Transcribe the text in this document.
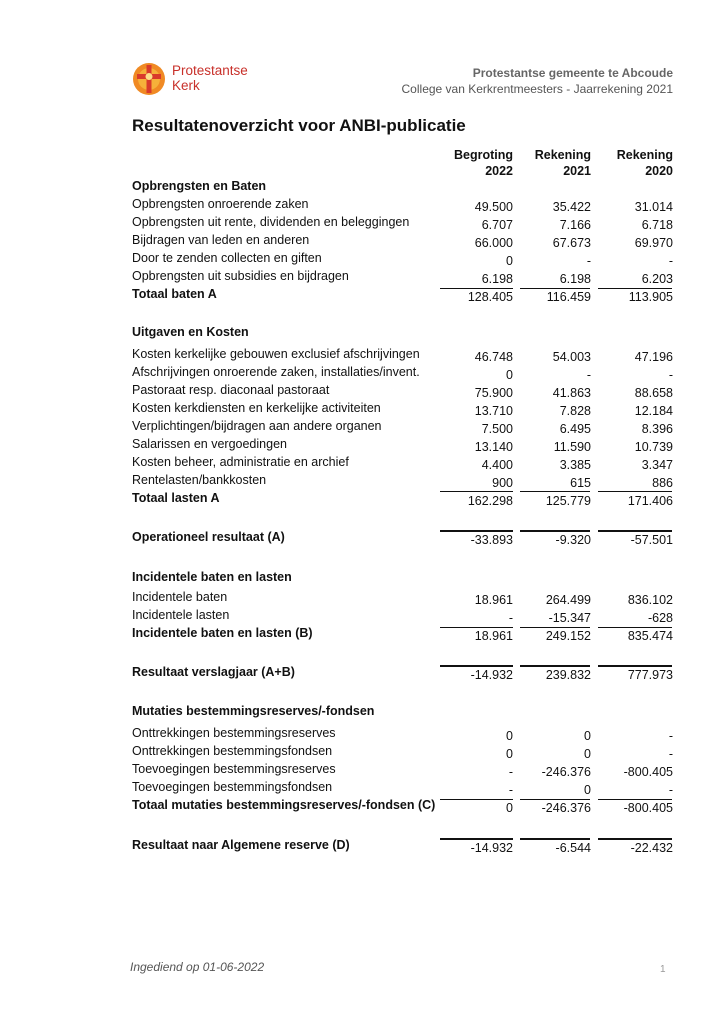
Protestantse
Kerk
Protestantse gemeente te Abcoude
College van Kerkrentmeesters - Jaarrekening 2021
Resultatenoverzicht voor ANBI-publicatie
Begroting
2022
Rekening
2021
Rekening
2020
Opbrengsten en Baten
Opbrengsten onroerende zaken	49.500	35.422	31.014
Opbrengsten uit rente, dividenden en beleggingen	6.707	7.166	6.718
Bijdragen van leden en anderen	66.000	67.673	69.970
Door te zenden collecten en giften	0	-	-
Opbrengsten uit subsidies en bijdragen	6.198	6.198	6.203
Totaal baten A	128.405	116.459	113.905
Uitgaven en Kosten
Kosten kerkelijke gebouwen exclusief afschrijvingen	46.748	54.003	47.196
Afschrijvingen onroerende zaken, installaties/invent.	0	-	-
Pastoraat resp. diaconaal pastoraat	75.900	41.863	88.658
Kosten kerkdiensten en kerkelijke activiteiten	13.710	7.828	12.184
Verplichtingen/bijdragen aan andere organen	7.500	6.495	8.396
Salarissen en vergoedingen	13.140	11.590	10.739
Kosten beheer, administratie en archief	4.400	3.385	3.347
Rentelasten/bankkosten	900	615	886
Totaal lasten A	162.298	125.779	171.406
Operationeel resultaat (A)	-33.893	-9.320	-57.501
Incidentele baten en lasten
Incidentele baten	18.961	264.499	836.102
Incidentele lasten	-	-15.347	-628
Incidentele baten en lasten (B)	18.961	249.152	835.474
Resultaat verslagjaar (A+B)	-14.932	239.832	777.973
Mutaties bestemmingsreserves/-fondsen
Onttrekkingen bestemmingsreserves	0	0	-
Onttrekkingen bestemmingsfondsen	0	0	-
Toevoegingen bestemmingsreserves	-	-246.376	-800.405
Toevoegingen bestemmingsfondsen	-	0	-
Totaal mutaties bestemmingsreserves/-fondsen (C)	0	-246.376	-800.405
Resultaat naar Algemene reserve (D)	-14.932	-6.544	-22.432
Ingediend op 01-06-2022	1
